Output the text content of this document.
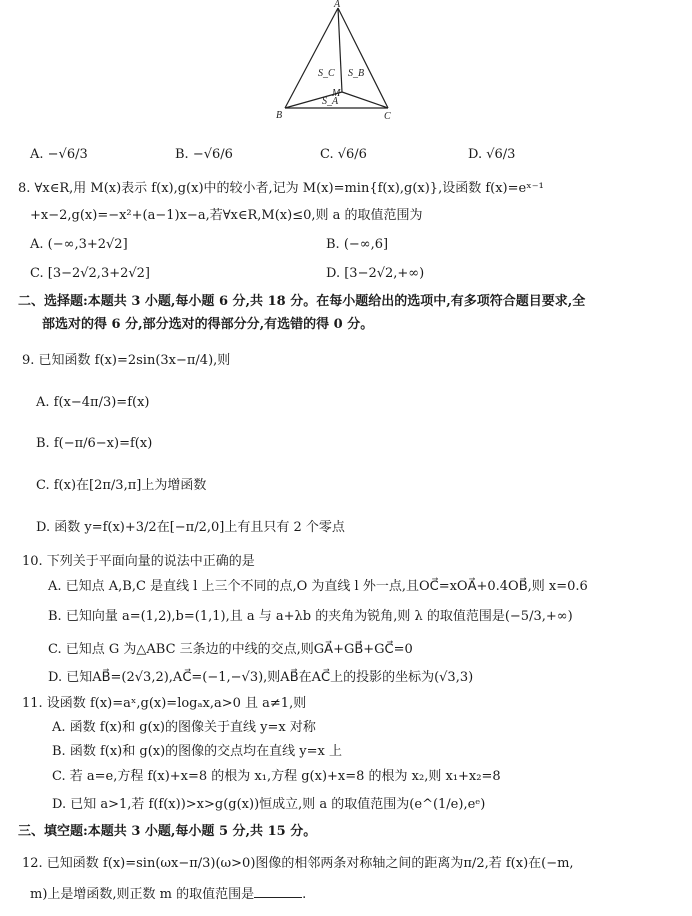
A
B	C
M
S_C S_B
S_A
A. −√6/3	B. −√6/6	C. √6/6	D. √6/3
8. ∀x∈R,用 M(x)表示 f(x),g(x)中的较小者,记为 M(x)=min{f(x),g(x)},设函数 f(x)=eˣ⁻¹
+x−2,g(x)=−x²+(a−1)x−a,若∀x∈R,M(x)≤0,则 a 的取值范围为
A. (−∞,3+2√2]	B. (−∞,6]
C. [3−2√2,3+2√2]	D. [3−2√2,+∞)
二、选择题:本题共 3 小题,每小题 6 分,共 18 分。在每小题给出的选项中,有多项符合题目要求,全
部选对的得 6 分,部分选对的得部分分,有选错的得 0 分。
9. 已知函数 f(x)=2sin(3x−π/4),则
A. f(x−4π/3)=f(x)
B. f(−π/6−x)=f(x)
C. f(x)在[2π/3,π]上为增函数
D. 函数 y=f(x)+3/2在[−π/2,0]上有且只有 2 个零点
10. 下列关于平面向量的说法中正确的是
A. 已知点 A,B,C 是直线 l 上三个不同的点,O 为直线 l 外一点,且OC⃗=xOA⃗+0.4OB⃗,则 x=0.6
B. 已知向量 a=(1,2),b=(1,1),且 a 与 a+λb 的夹角为锐角,则 λ 的取值范围是(−5/3,+∞)
C. 已知点 G 为△ABC 三条边的中线的交点,则GA⃗+GB⃗+GC⃗=0
D. 已知AB⃗=(2√3,2),AC⃗=(−1,−√3),则AB⃗在AC⃗上的投影的坐标为(√3,3)
11. 设函数 f(x)=aˣ,g(x)=logₐx,a>0 且 a≠1,则
A. 函数 f(x)和 g(x)的图像关于直线 y=x 对称
B. 函数 f(x)和 g(x)的图像的交点均在直线 y=x 上
C. 若 a=e,方程 f(x)+x=8 的根为 x₁,方程 g(x)+x=8 的根为 x₂,则 x₁+x₂=8
D. 已知 a>1,若 f(f(x))>x>g(g(x))恒成立,则 a 的取值范围为(e^(1/e),eᵉ)
三、填空题:本题共 3 小题,每小题 5 分,共 15 分。
12. 已知函数 f(x)=sin(ωx−π/3)(ω>0)图像的相邻两条对称轴之间的距离为π/2,若 f(x)在(−m,
m)上是增函数,则正数 m 的取值范围是	.
